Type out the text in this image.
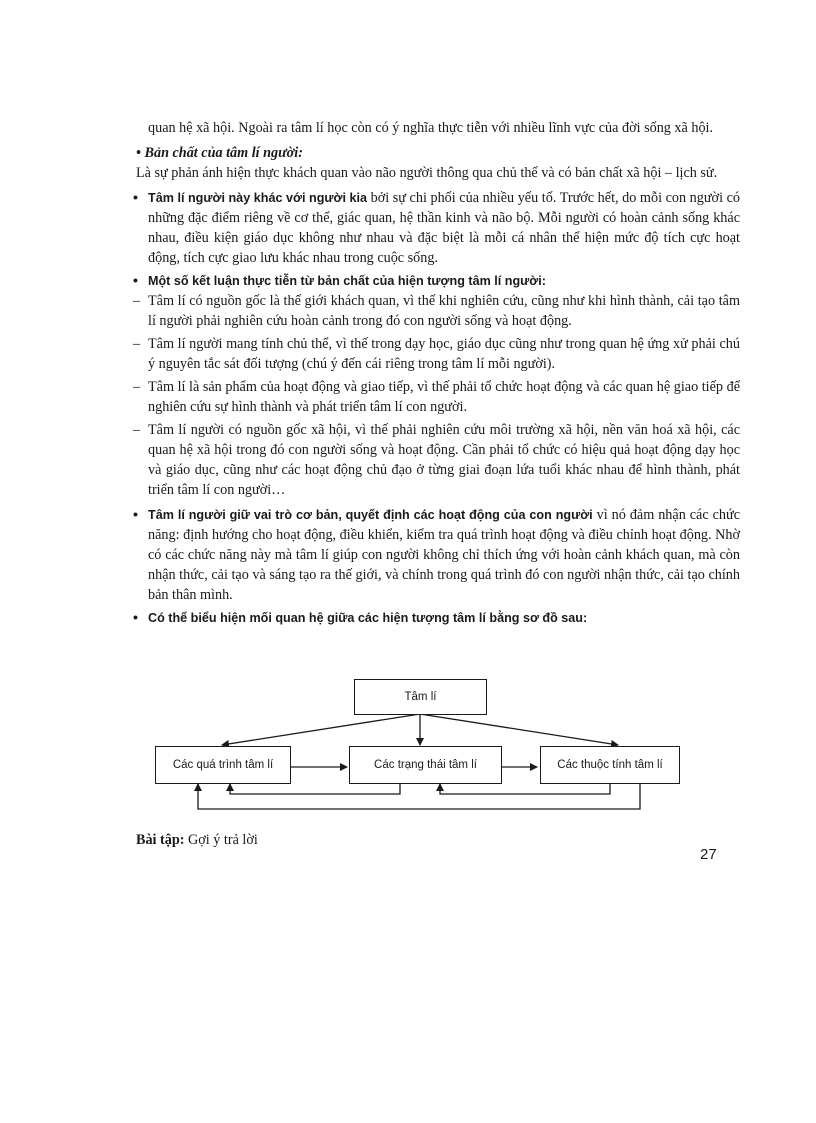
quan hệ xã hội. Ngoài ra tâm lí học còn có ý nghĩa thực tiễn với nhiều lĩnh vực của đời sống xã hội.

• Bản chất của tâm lí người:

Là sự phản ánh hiện thực khách quan vào não người thông qua chủ thể và có bản chất xã hội – lịch sử.

• Tâm lí người này khác với người kia bởi sự chi phối của nhiều yếu tố. Trước hết, do mỗi con người có những đặc điểm riêng về cơ thể, giác quan, hệ thần kinh và não bộ. Mỗi người có hoàn cảnh sống khác nhau, điều kiện giáo dục không như nhau và đặc biệt là mỗi cá nhân thể hiện mức độ tích cực hoạt động, tích cực giao lưu khác nhau trong cuộc sống.

• Một số kết luận thực tiễn từ bản chất của hiện tượng tâm lí người:

– Tâm lí có nguồn gốc là thế giới khách quan, vì thế khi nghiên cứu, cũng như khi hình thành, cải tạo tâm lí người phải nghiên cứu hoàn cảnh trong đó con người sống và hoạt động.

– Tâm lí người mang tính chủ thể, vì thế trong dạy học, giáo dục cũng như trong quan hệ ứng xử phải chú ý nguyên tắc sát đối tượng (chú ý đến cái riêng trong tâm lí mỗi người).

– Tâm lí là sản phẩm của hoạt động và giao tiếp, vì thế phải tổ chức hoạt động và các quan hệ giao tiếp để nghiên cứu sự hình thành và phát triển tâm lí con người.

– Tâm lí người có nguồn gốc xã hội, vì thế phải nghiên cứu môi trường xã hội, nền văn hoá xã hội, các quan hệ xã hội trong đó con người sống và hoạt động. Cần phải tổ chức có hiệu quả hoạt động dạy học và giáo dục, cũng như các hoạt động chủ đạo ở từng giai đoạn lứa tuổi khác nhau để hình thành, phát triển tâm lí con người…

• Tâm lí người giữ vai trò cơ bản, quyết định các hoạt động của con người vì nó đảm nhận các chức năng: định hướng cho hoạt động, điều khiển, kiểm tra quá trình hoạt động và điều chỉnh hoạt động. Nhờ có các chức năng này mà tâm lí giúp con người không chỉ thích ứng với hoàn cảnh khách quan, mà còn nhận thức, cải tạo và sáng tạo ra thế giới, và chính trong quá trình đó con người nhận thức, cải tạo chính bản thân mình.

• Có thể biểu hiện mối quan hệ giữa các hiện tượng tâm lí bằng sơ đồ sau:

Tâm lí
Các quá trình tâm lí	Các trạng thái tâm lí	Các thuộc tính tâm lí
Bài tập: Gợi ý trả lời
27
